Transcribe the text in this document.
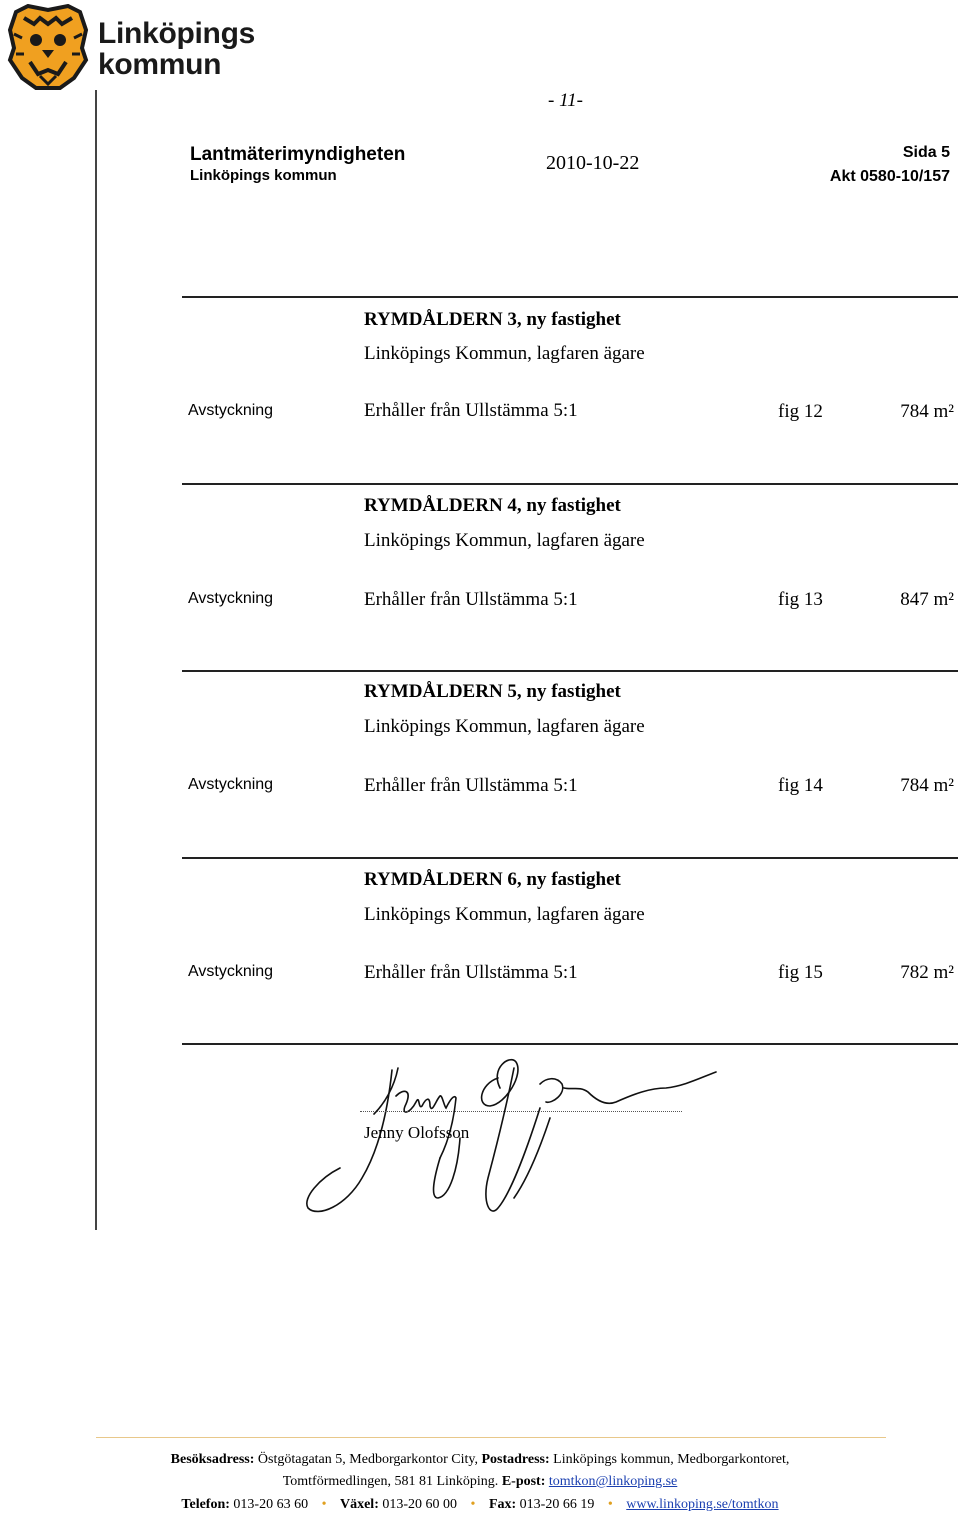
Linköpings
kommun
- 11-
Lantmäterimyndigheten
Linköpings kommun
2010-10-22	Sida 5
Akt 0580-10/157
RYMDÅLDERN 3, ny fastighet
Linköpings Kommun, lagfaren ägare
Avstyckning	Erhåller från Ullstämma 5:1	fig 12	784 m²
RYMDÅLDERN 4, ny fastighet
Linköpings Kommun, lagfaren ägare
Avstyckning	Erhåller från Ullstämma 5:1	fig 13	847 m²
RYMDÅLDERN 5, ny fastighet
Linköpings Kommun, lagfaren ägare
Avstyckning	Erhåller från Ullstämma 5:1	fig 14	784 m²
RYMDÅLDERN 6, ny fastighet
Linköpings Kommun, lagfaren ägare
Avstyckning	Erhåller från Ullstämma 5:1	fig 15	782 m²
Jenny Olofsson
Besöksadress: Östgötagatan 5, Medborgarkontor City, Postadress: Linköpings kommun, Medborgarkontoret,
Tomtförmedlingen, 581 81 Linköping. E-post: tomtkon@linkoping.se
Telefon: 013-20 63 60 • Växel: 013-20 60 00 • Fax: 013-20 66 19 • www.linkoping.se/tomtkon
